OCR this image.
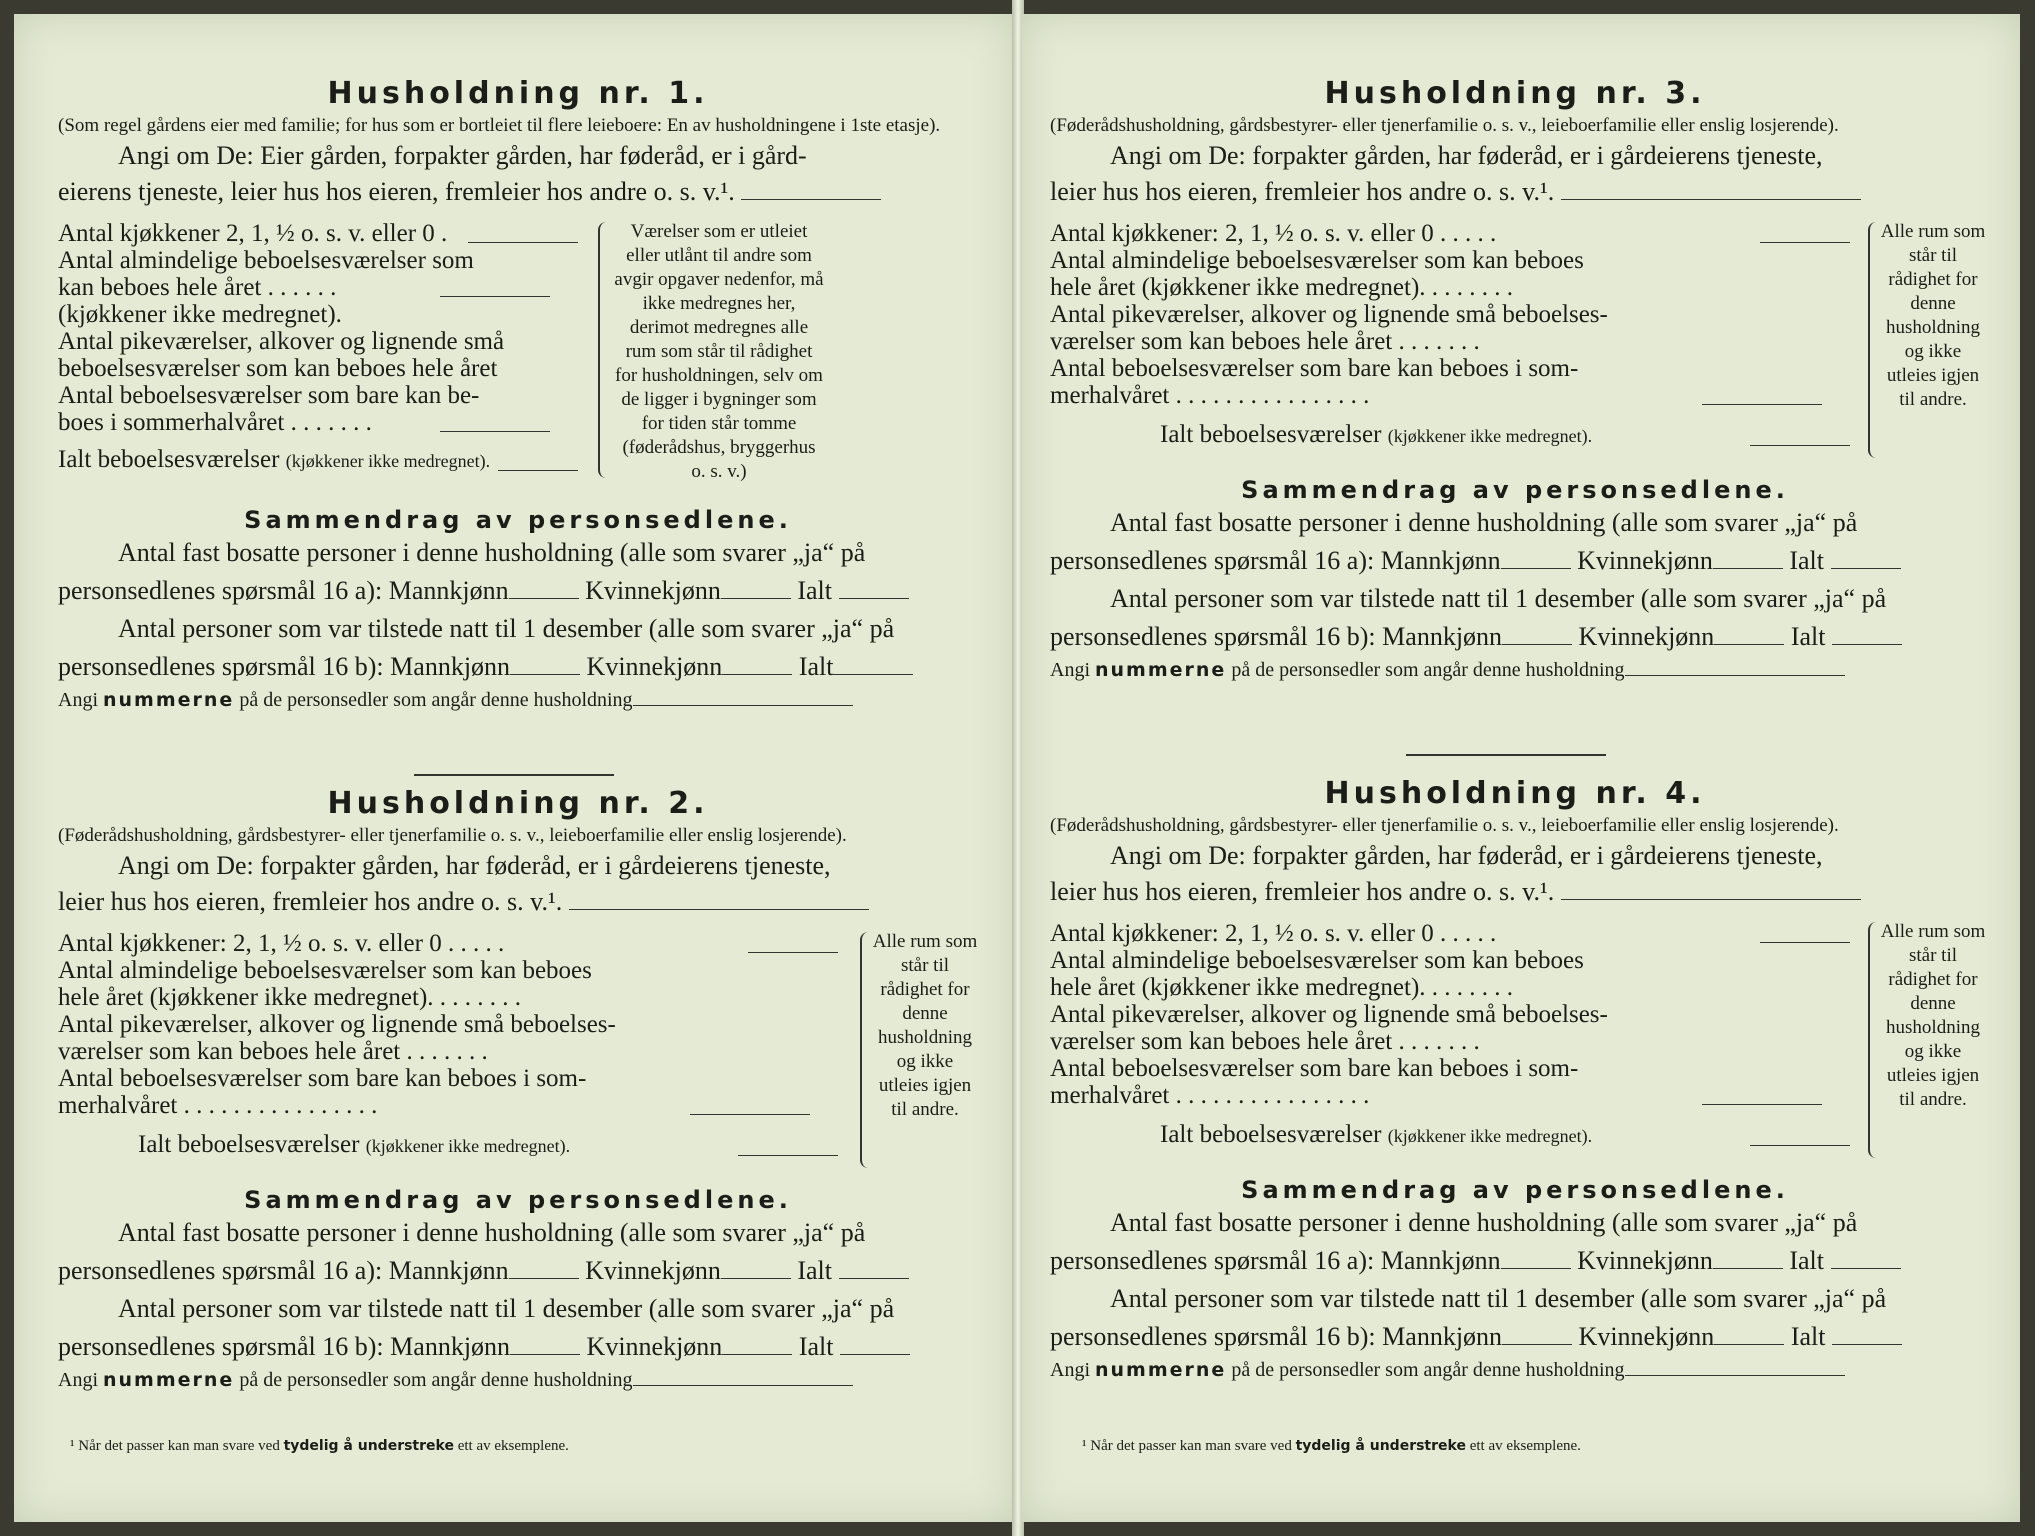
Husholdning nr. 1.

(Som regel gårdens eier med familie; for hus som er bortleiet til flere leieboere: En av husholdningene i 1ste etasje).

Angi om De: Eier gården, forpakter gården, har føderåd, er i gård-
eierens tjeneste, leier hus hos eieren, fremleier hos andre o. s. v.¹.
Antal kjøkkener 2, 1, ½ o. s. v. eller 0 .
Antal almindelige beboelsesværelser som
kan beboes hele året . . . . . .
(kjøkkener ikke medregnet).
Antal pikeværelser, alkover og lignende små
beboelsesværelser som kan beboes hele året
Antal beboelsesværelser som bare kan be-
boes i sommerhalvåret . . . . . . .
Ialt beboelsesværelser (kjøkkener ikke medregnet).
Værelser som er utleiet eller utlånt til andre som avgir opgaver nedenfor, må ikke medregnes her, derimot medregnes alle rum som står til rådighet for husholdningen, selv om de ligger i bygninger som for tiden står tomme (føderådshus, bryggerhus o. s. v.)
Sammendrag av personsedlene.
Antal fast bosatte personer i denne husholdning (alle som svarer „ja“ på
personsedlenes spørsmål 16 a): Mannkjønn	Kvinnekjønn	Ialt

Antal personer som var tilstede natt til 1 desember (alle som svarer „ja“ på
personsedlenes spørsmål 16 b): Mannkjønn	Kvinnekjønn	Ialt
Angi nummerne på de personsedler som angår denne husholdning
Husholdning nr. 2.

(Føderådshusholdning, gårdsbestyrer- eller tjenerfamilie o. s. v., leieboerfamilie eller enslig losjerende).

Angi om De: forpakter gården, har føderåd, er i gårdeierens tjeneste,
leier hus hos eieren, fremleier hos andre o. s. v.¹.
Antal kjøkkener: 2, 1, ½ o. s. v. eller 0 . . . . .
Antal almindelige beboelsesværelser som kan beboes
hele året (kjøkkener ikke medregnet). . . . . . . .
Antal pikeværelser, alkover og lignende små beboelses-
værelser som kan beboes hele året . . . . . . .
Antal beboelsesværelser som bare kan beboes i som-
merhalvåret . . . . . . . . . . . . . . . .
Ialt beboelsesværelser (kjøkkener ikke medregnet).
Alle rum som står til rådighet for denne husholdning og ikke utleies igjen til andre.
Sammendrag av personsedlene.
Antal fast bosatte personer i denne husholdning (alle som svarer „ja“ på
personsedlenes spørsmål 16 a): Mannkjønn	Kvinnekjønn	Ialt

Antal personer som var tilstede natt til 1 desember (alle som svarer „ja“ på
personsedlenes spørsmål 16 b): Mannkjønn	Kvinnekjønn	Ialt
Angi nummerne på de personsedler som angår denne husholdning
¹ Når det passer kan man svare ved tydelig å understreke ett av eksemplene.
Husholdning nr. 3.

(Føderådshusholdning, gårdsbestyrer- eller tjenerfamilie o. s. v., leieboerfamilie eller enslig losjerende).

Angi om De: forpakter gården, har føderåd, er i gårdeierens tjeneste,
leier hus hos eieren, fremleier hos andre o. s. v.¹.
Antal kjøkkener: 2, 1, ½ o. s. v. eller 0 . . . . .
Antal almindelige beboelsesværelser som kan beboes
hele året (kjøkkener ikke medregnet). . . . . . . .
Antal pikeværelser, alkover og lignende små beboelses-
værelser som kan beboes hele året . . . . . . .
Antal beboelsesværelser som bare kan beboes i som-
merhalvåret . . . . . . . . . . . . . . . .
Ialt beboelsesværelser (kjøkkener ikke medregnet).
Alle rum som står til rådighet for denne husholdning og ikke utleies igjen til andre.
Sammendrag av personsedlene.
Antal fast bosatte personer i denne husholdning (alle som svarer „ja“ på
personsedlenes spørsmål 16 a): Mannkjønn	Kvinnekjønn	Ialt

Antal personer som var tilstede natt til 1 desember (alle som svarer „ja“ på
personsedlenes spørsmål 16 b): Mannkjønn	Kvinnekjønn	Ialt
Angi nummerne på de personsedler som angår denne husholdning
Husholdning nr. 4.

(Føderådshusholdning, gårdsbestyrer- eller tjenerfamilie o. s. v., leieboerfamilie eller enslig losjerende).

Angi om De: forpakter gården, har føderåd, er i gårdeierens tjeneste,
leier hus hos eieren, fremleier hos andre o. s. v.¹.
Antal kjøkkener: 2, 1, ½ o. s. v. eller 0 . . . . .
Antal almindelige beboelsesværelser som kan beboes
hele året (kjøkkener ikke medregnet). . . . . . . .
Antal pikeværelser, alkover og lignende små beboelses-
værelser som kan beboes hele året . . . . . . .
Antal beboelsesværelser som bare kan beboes i som-
merhalvåret . . . . . . . . . . . . . . . .
Ialt beboelsesværelser (kjøkkener ikke medregnet).
Alle rum som står til rådighet for denne husholdning og ikke utleies igjen til andre.
Sammendrag av personsedlene.
Antal fast bosatte personer i denne husholdning (alle som svarer „ja“ på
personsedlenes spørsmål 16 a): Mannkjønn	Kvinnekjønn	Ialt

Antal personer som var tilstede natt til 1 desember (alle som svarer „ja“ på
personsedlenes spørsmål 16 b): Mannkjønn	Kvinnekjønn	Ialt
Angi nummerne på de personsedler som angår denne husholdning
¹ Når det passer kan man svare ved tydelig å understreke ett av eksemplene.
